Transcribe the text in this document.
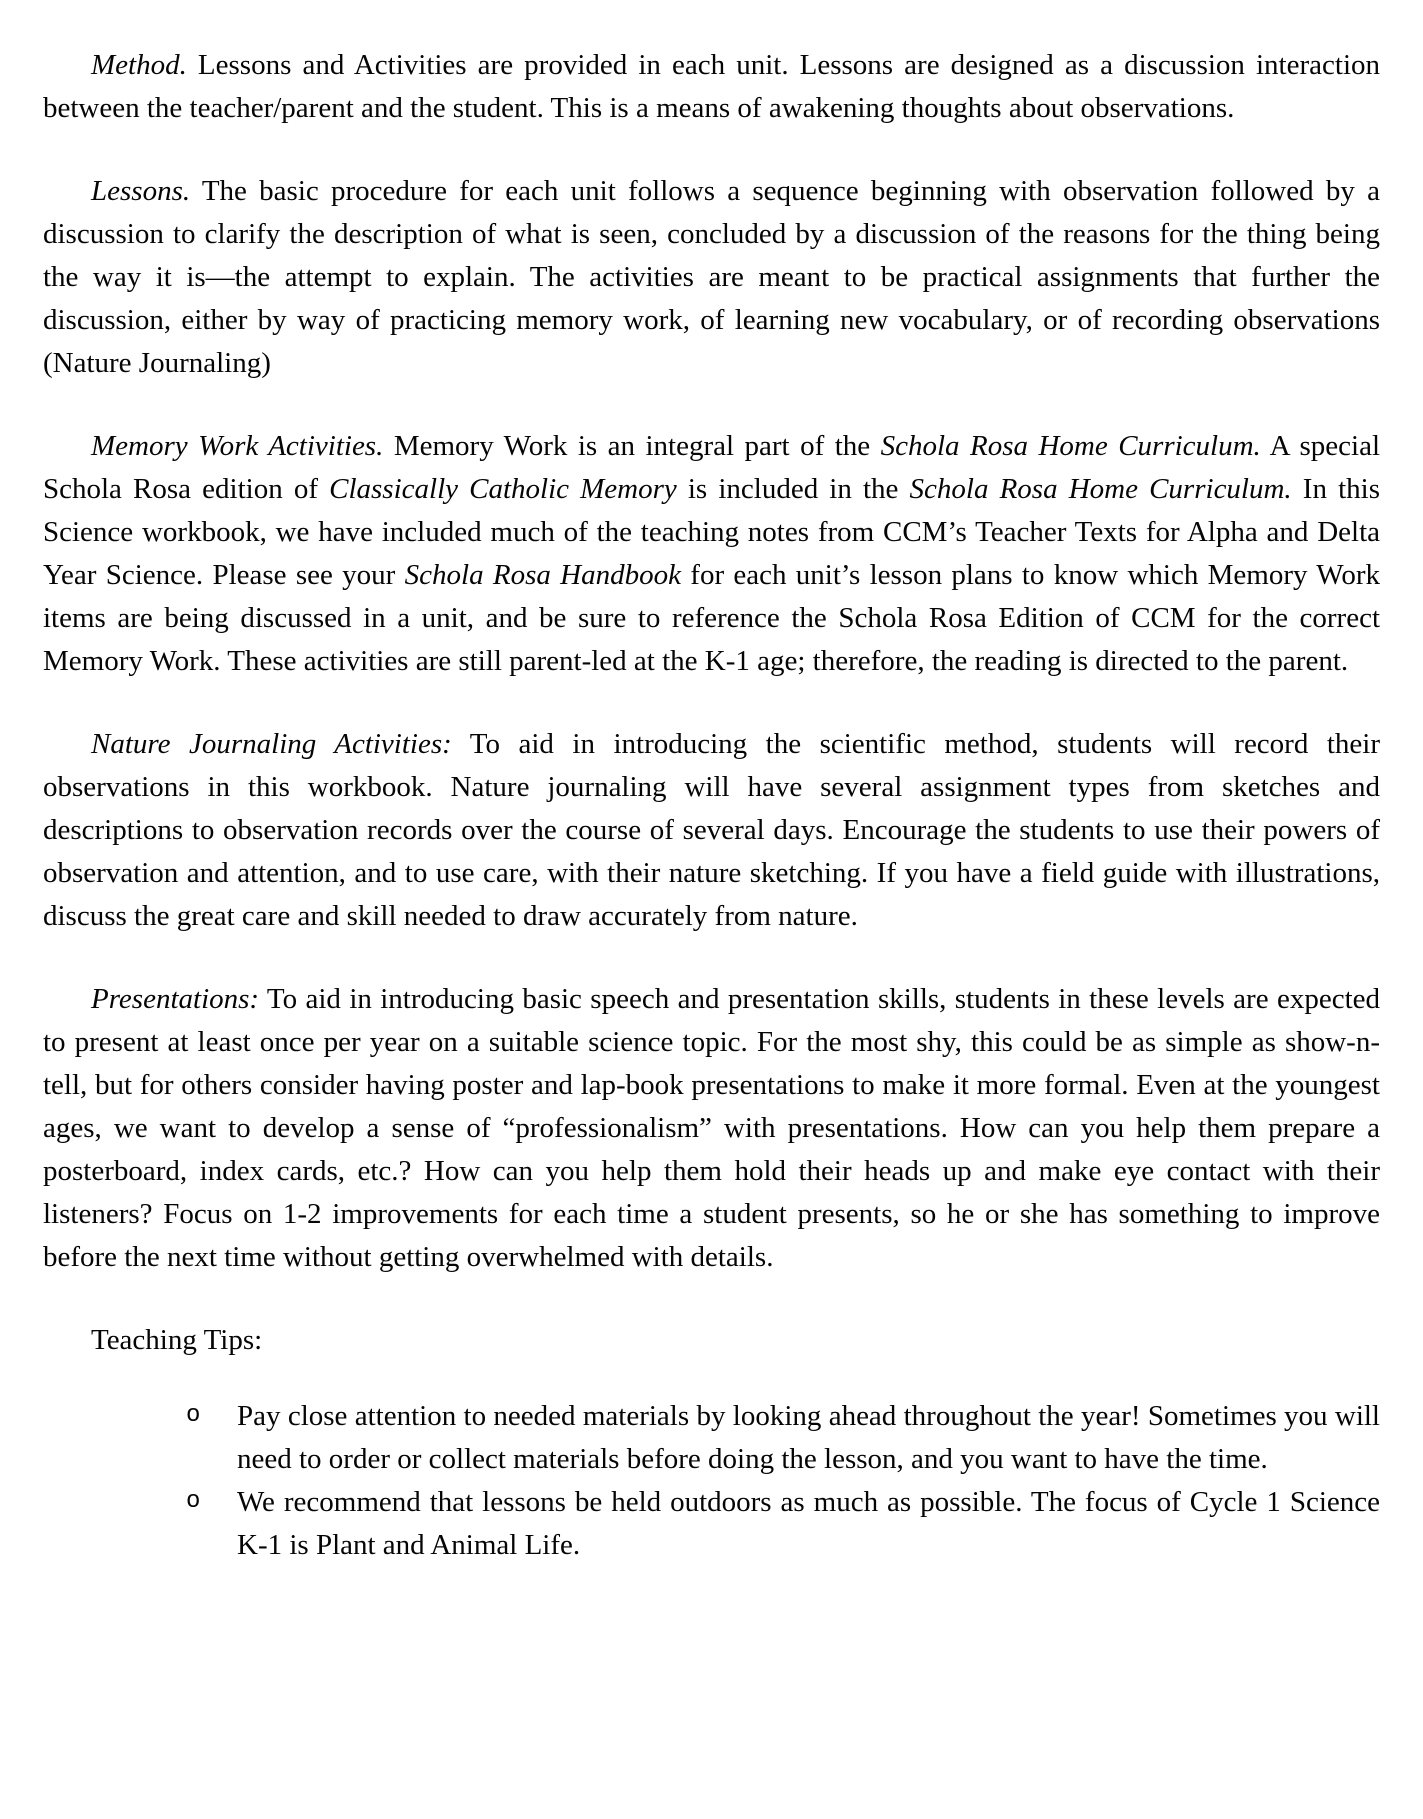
Method. Lessons and Activities are provided in each unit. Lessons are designed as a discussion interaction between the teacher/parent and the student. This is a means of awakening thoughts about observations.

Lessons. The basic procedure for each unit follows a sequence beginning with observation followed by a discussion to clarify the description of what is seen, concluded by a discussion of the reasons for the thing being the way it is—the attempt to explain. The activities are meant to be practical assignments that further the discussion, either by way of practicing memory work, of learning new vocabulary, or of recording observations (Nature Journaling)

Memory Work Activities. Memory Work is an integral part of the Schola Rosa Home Curriculum. A special Schola Rosa edition of Classically Catholic Memory is included in the Schola Rosa Home Curriculum. In this Science workbook, we have included much of the teaching notes from CCM’s Teacher Texts for Alpha and Delta Year Science. Please see your Schola Rosa Handbook for each unit’s lesson plans to know which Memory Work items are being discussed in a unit, and be sure to reference the Schola Rosa Edition of CCM for the correct Memory Work. These activities are still parent-led at the K-1 age; therefore, the reading is directed to the parent.

Nature Journaling Activities: To aid in introducing the scientific method, students will record their observations in this workbook. Nature journaling will have several assignment types from sketches and descriptions to observation records over the course of several days. Encourage the students to use their powers of observation and attention, and to use care, with their nature sketching. If you have a field guide with illustrations, discuss the great care and skill needed to draw accurately from nature.

Presentations: To aid in introducing basic speech and presentation skills, students in these levels are expected to present at least once per year on a suitable science topic. For the most shy, this could be as simple as show-n-tell, but for others consider having poster and lap-book presentations to make it more formal. Even at the youngest ages, we want to develop a sense of “professionalism” with presentations. How can you help them prepare a posterboard, index cards, etc.? How can you help them hold their heads up and make eye contact with their listeners? Focus on 1-2 improvements for each time a student presents, so he or she has something to improve before the next time without getting overwhelmed with details.

Teaching Tips:

o Pay close attention to needed materials by looking ahead throughout the year! Sometimes you will need to order or collect materials before doing the lesson, and you want to have the time.
o We recommend that lessons be held outdoors as much as possible. The focus of Cycle 1 Science K-1 is Plant and Animal Life.
